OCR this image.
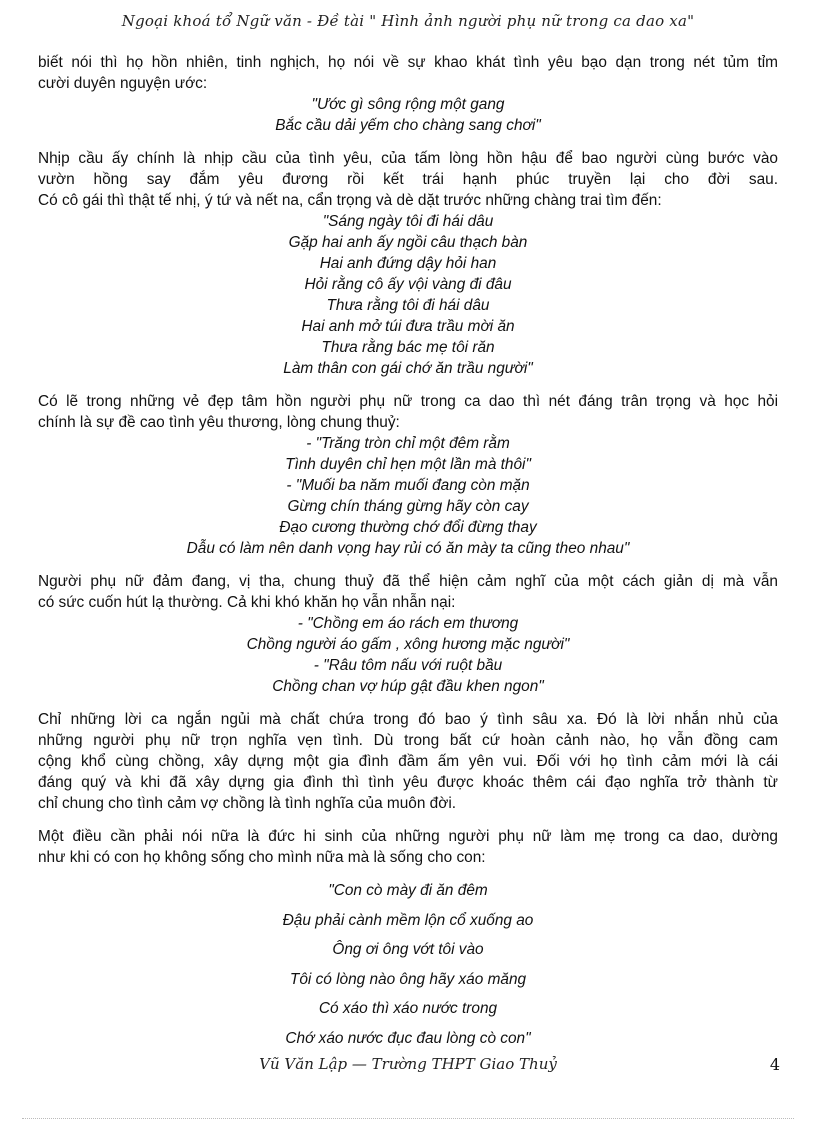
Ngoại khoá tổ Ngữ văn - Đề tài " Hình ảnh người phụ nữ trong ca dao xa"
biết nói thì họ hồn nhiên, tinh nghịch, họ nói về sự khao khát tình yêu bạo dạn trong nét tủm tỉm
cười duyên nguyện ước:
"Ước gì sông rộng một gang
Bắc cầu dải yếm cho chàng sang chơi"
Nhịp cầu ấy chính là nhịp cầu của tình yêu, của tấm lòng hồn hậu để bao người cùng bước vào
vườn hồng say đắm yêu đương rồi kết trái hạnh phúc truyền lại cho đời sau.
Có cô gái thì thật tế nhị, ý tứ và nết na, cẩn trọng và dè dặt trước những chàng trai tìm đến:
"Sáng ngày tôi đi hái dâu
Gặp hai anh ấy ngồi câu thạch bàn
Hai anh đứng dậy hỏi han
Hỏi rằng cô ấy vội vàng đi đâu
Thưa rằng tôi đi hái dâu
Hai anh mở túi đưa trầu mời ăn
Thưa rằng bác mẹ tôi răn
Làm thân con gái chớ ăn trầu người"
Có lẽ trong những vẻ đẹp tâm hồn người phụ nữ trong ca dao thì nét đáng trân trọng và học hỏi
chính là sự đề cao tình yêu thương, lòng chung thuỷ:
- "Trăng tròn chỉ một đêm rằm
Tình duyên chỉ hẹn một lần mà thôi"
- "Muối ba năm muối đang còn mặn
Gừng chín tháng gừng hãy còn cay
Đạo cương thường chớ đổi đừng thay
Dẫu có làm nên danh vọng hay rủi có ăn mày ta cũng theo nhau"
Người phụ nữ đảm đang, vị tha, chung thuỷ đã thể hiện cảm nghĩ của một cách giản dị mà vẫn
có sức cuốn hút lạ thường. Cả khi khó khăn họ vẫn nhẫn nại:
- "Chồng em áo rách em thương
Chồng người áo gấm , xông hương mặc người"
- "Râu tôm nấu với ruột bầu
Chồng chan vợ húp gật đầu khen ngon"
Chỉ những lời ca ngắn ngủi mà chất chứa trong đó bao ý tình sâu xa. Đó là lời nhắn nhủ của
những người phụ nữ trọn nghĩa vẹn tình. Dù trong bất cứ hoàn cảnh nào, họ vẫn đồng cam
cộng khổ cùng chồng, xây dựng một gia đình đầm ấm yên vui. Đối với họ tình cảm mới là cái
đáng quý và khi đã xây dựng gia đình thì tình yêu được khoác thêm cái đạo nghĩa trở thành từ
chỉ chung cho tình cảm vợ chồng là tình nghĩa của muôn đời.
Một điều cần phải nói nữa là đức hi sinh của những người phụ nữ làm mẹ trong ca dao, dường
như khi có con họ không sống cho mình nữa mà là sống cho con:
"Con cò mày đi ăn đêm
Đậu phải cành mềm lộn cổ xuống ao
Ông ơi ông vớt tôi vào
Tôi có lòng nào ông hãy xáo măng
Có xáo thì xáo nước trong
Chớ xáo nước đục đau lòng cò con"
Vũ Văn Lập — Trường THPT Giao Thuỷ	4
